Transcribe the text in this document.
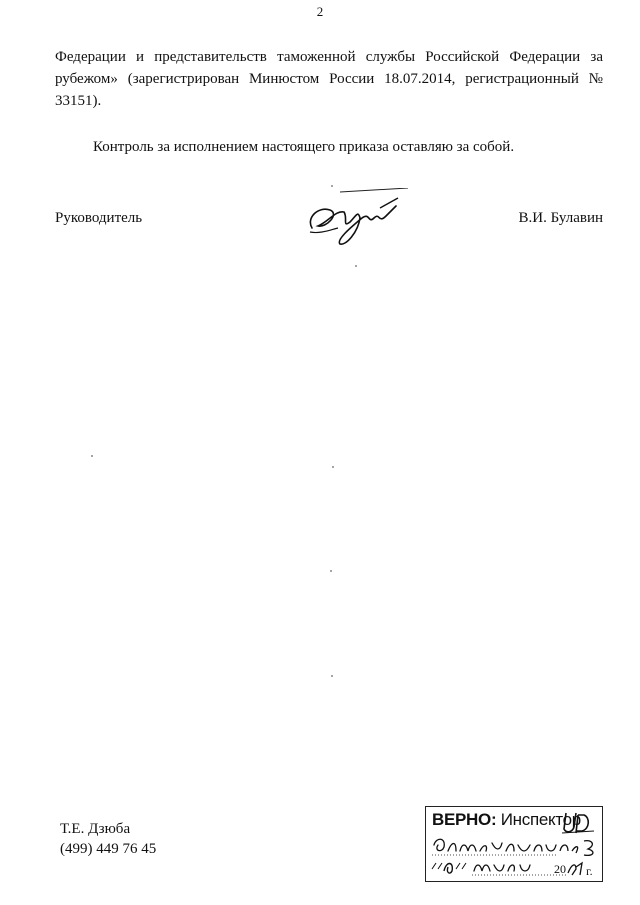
2
Федерации и представительств таможенной службы Российской Федерации за рубежом» (зарегистрирован Минюстом России 18.07.2014, регистрационный № 33151).
Контроль за исполнением настоящего приказа оставляю за собой.
Руководитель	В.И. Булавин
Т.Е. Дзюба
(499) 449 76 45
ВЕРНО: Инспектор
20 г.
